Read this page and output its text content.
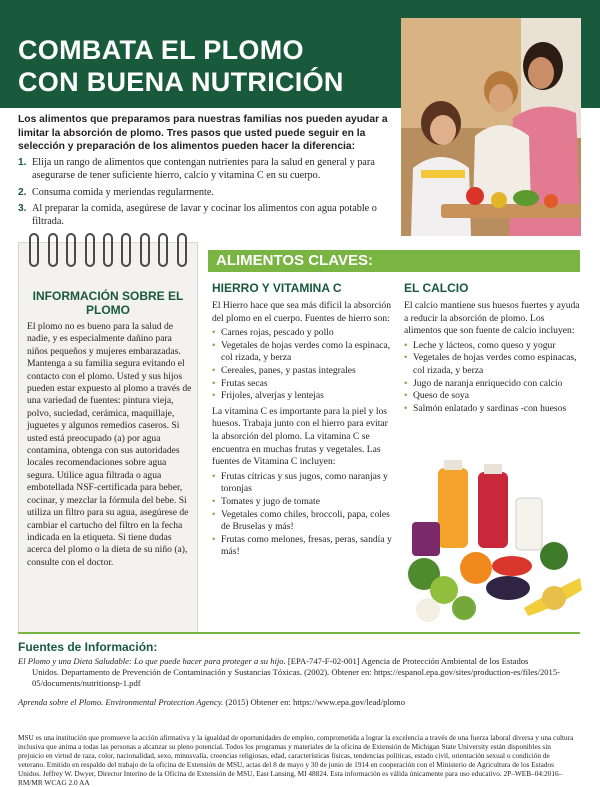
COMBATA EL PLOMO
CON BUENA NUTRICIÓN

Los alimentos que preparamos para nuestras familias nos pueden ayudar a limitar la absorción de plomo. Tres pasos que usted puede seguir en la selección y preparación de los alimentos pueden hacer la diferencia:

1. Elija un rango de alimentos que contengan nutrientes para la salud en general y para asegurarse de tener suficiente hierro, calcio y vitamina C en su cuerpo.
2. Consuma comida y meriendas regularmente.
3. Al preparar la comida, asegúrese de lavar y cocinar los alimentos con agua potable o filtrada.
INFORMACIÓN SOBRE EL PLOMO

El plomo no es bueno para la salud de nadie, y es especialmente dañino para niños pequeños y mujeres embarazadas. Mantenga a su familia segura evitando el contacto con el plomo. Usted y sus hijos pueden estar expuesto al plomo a través de una variedad de fuentes: pintura vieja, polvo, suciedad, cerámica, maquillaje, juguetes y algunos remedios caseros. Si usted está preocupado (a) por agua contamina, obtenga con sus autoridades locales recomendaciones sobre agua segura. Utilice agua filtrada o agua embotellada NSF-certificada para beber, cocinar, y mezclar la fórmula del bebe. Si utiliza un filtro para su agua, asegúrese de cambiar el cartucho del filtro en la fecha indicada en la etiqueta. Si tiene dudas acerca del plomo o la dieta de su niño (a), consulte con el doctor.

ALIMENTOS CLAVES:
HIERRO Y VITAMINA C

El Hierro hace que sea más difícil la absorción del plomo en el cuerpo. Fuentes de hierro son:

• Carnes rojas, pescado y pollo
• Vegetales de hojas verdes como la espinaca, col rizada, y berza
• Cereales, panes, y pastas integrales
• Frutas secas
• Frijoles, alverjas y lentejas

La vitamina C es importante para la piel y los huesos. Trabaja junto con el hierro para evitar la absorción del plomo. La vitamina C se encuentra en muchas frutas y vegetales. Las fuentes de Vitamina C incluyen:

• Frutas cítricas y sus jugos, como naranjas y toronjas
• Tomates y jugo de tomate
• Vegetales como chiles, broccoli, papa, coles de Bruselas y más!
• Frutas como melones, fresas, peras, sandía y más!
EL CALCIO

El calcio mantiene sus huesos fuertes y ayuda a reducir la absorción de plomo. Los alimentos que son fuente de calcio incluyen:

• Leche y lácteos, como queso y yogur
• Vegetales de hojas verdes como espinacas, col rizada, y berza
• Jugo de naranja enriquecido con calcio
• Queso de soya
• Salmón enlatado y sardinas -con huesos
Fuentes de Información:
El Plomo y una Dieta Saludable: Lo que puede hacer para proteger a su hijo. [EPA-747-F-02-001] Agencia de Protección Ambiental de los Estados
Unidos. Departamento de Prevención de Contaminación y Sustancias Tóxicas. (2002). Obtener en: https://espanol.epa.gov/sites/production-es/files/2015-05/documents/nutritionsp-1.pdf
Aprenda sobre el Plomo. Environmental Protection Agency. (2015) Obtener en: https://www.epa.gov/lead/plomo

MSU es una institución que promueve la acción afirmativa y la igualdad de oportunidades de empleo, comprometida a lograr la excelencia a través de una fuerza laboral diversa y una cultura inclusiva que anima a todas las personas a alcanzar su pleno potencial. Todos los programas y materiales de la oficina de Extensión de Michigan State University están disponibles sin prejuicio en virtud de raza, color, nacionalidad, sexo, minusvalía, creencias religiosas, edad, características físicas, tendencias políticas, estado civil, orientación sexual o condición de veterano. Emitido en respaldo del trabajo de la oficina de Extensión de MSU, actas del 8 de mayo y 30 de junio de 1914 en cooperación con el Ministerio de Agricultura de los Estados Unidos. Jeffrey W. Dwyer, Director Interino de la Oficina de Extensión de MSU, East Lansing, MI 48824. Esta información es válida únicamente para uso educativo. 2P–WEB–04:2016–RM/MR WCAG 2.0 AA
